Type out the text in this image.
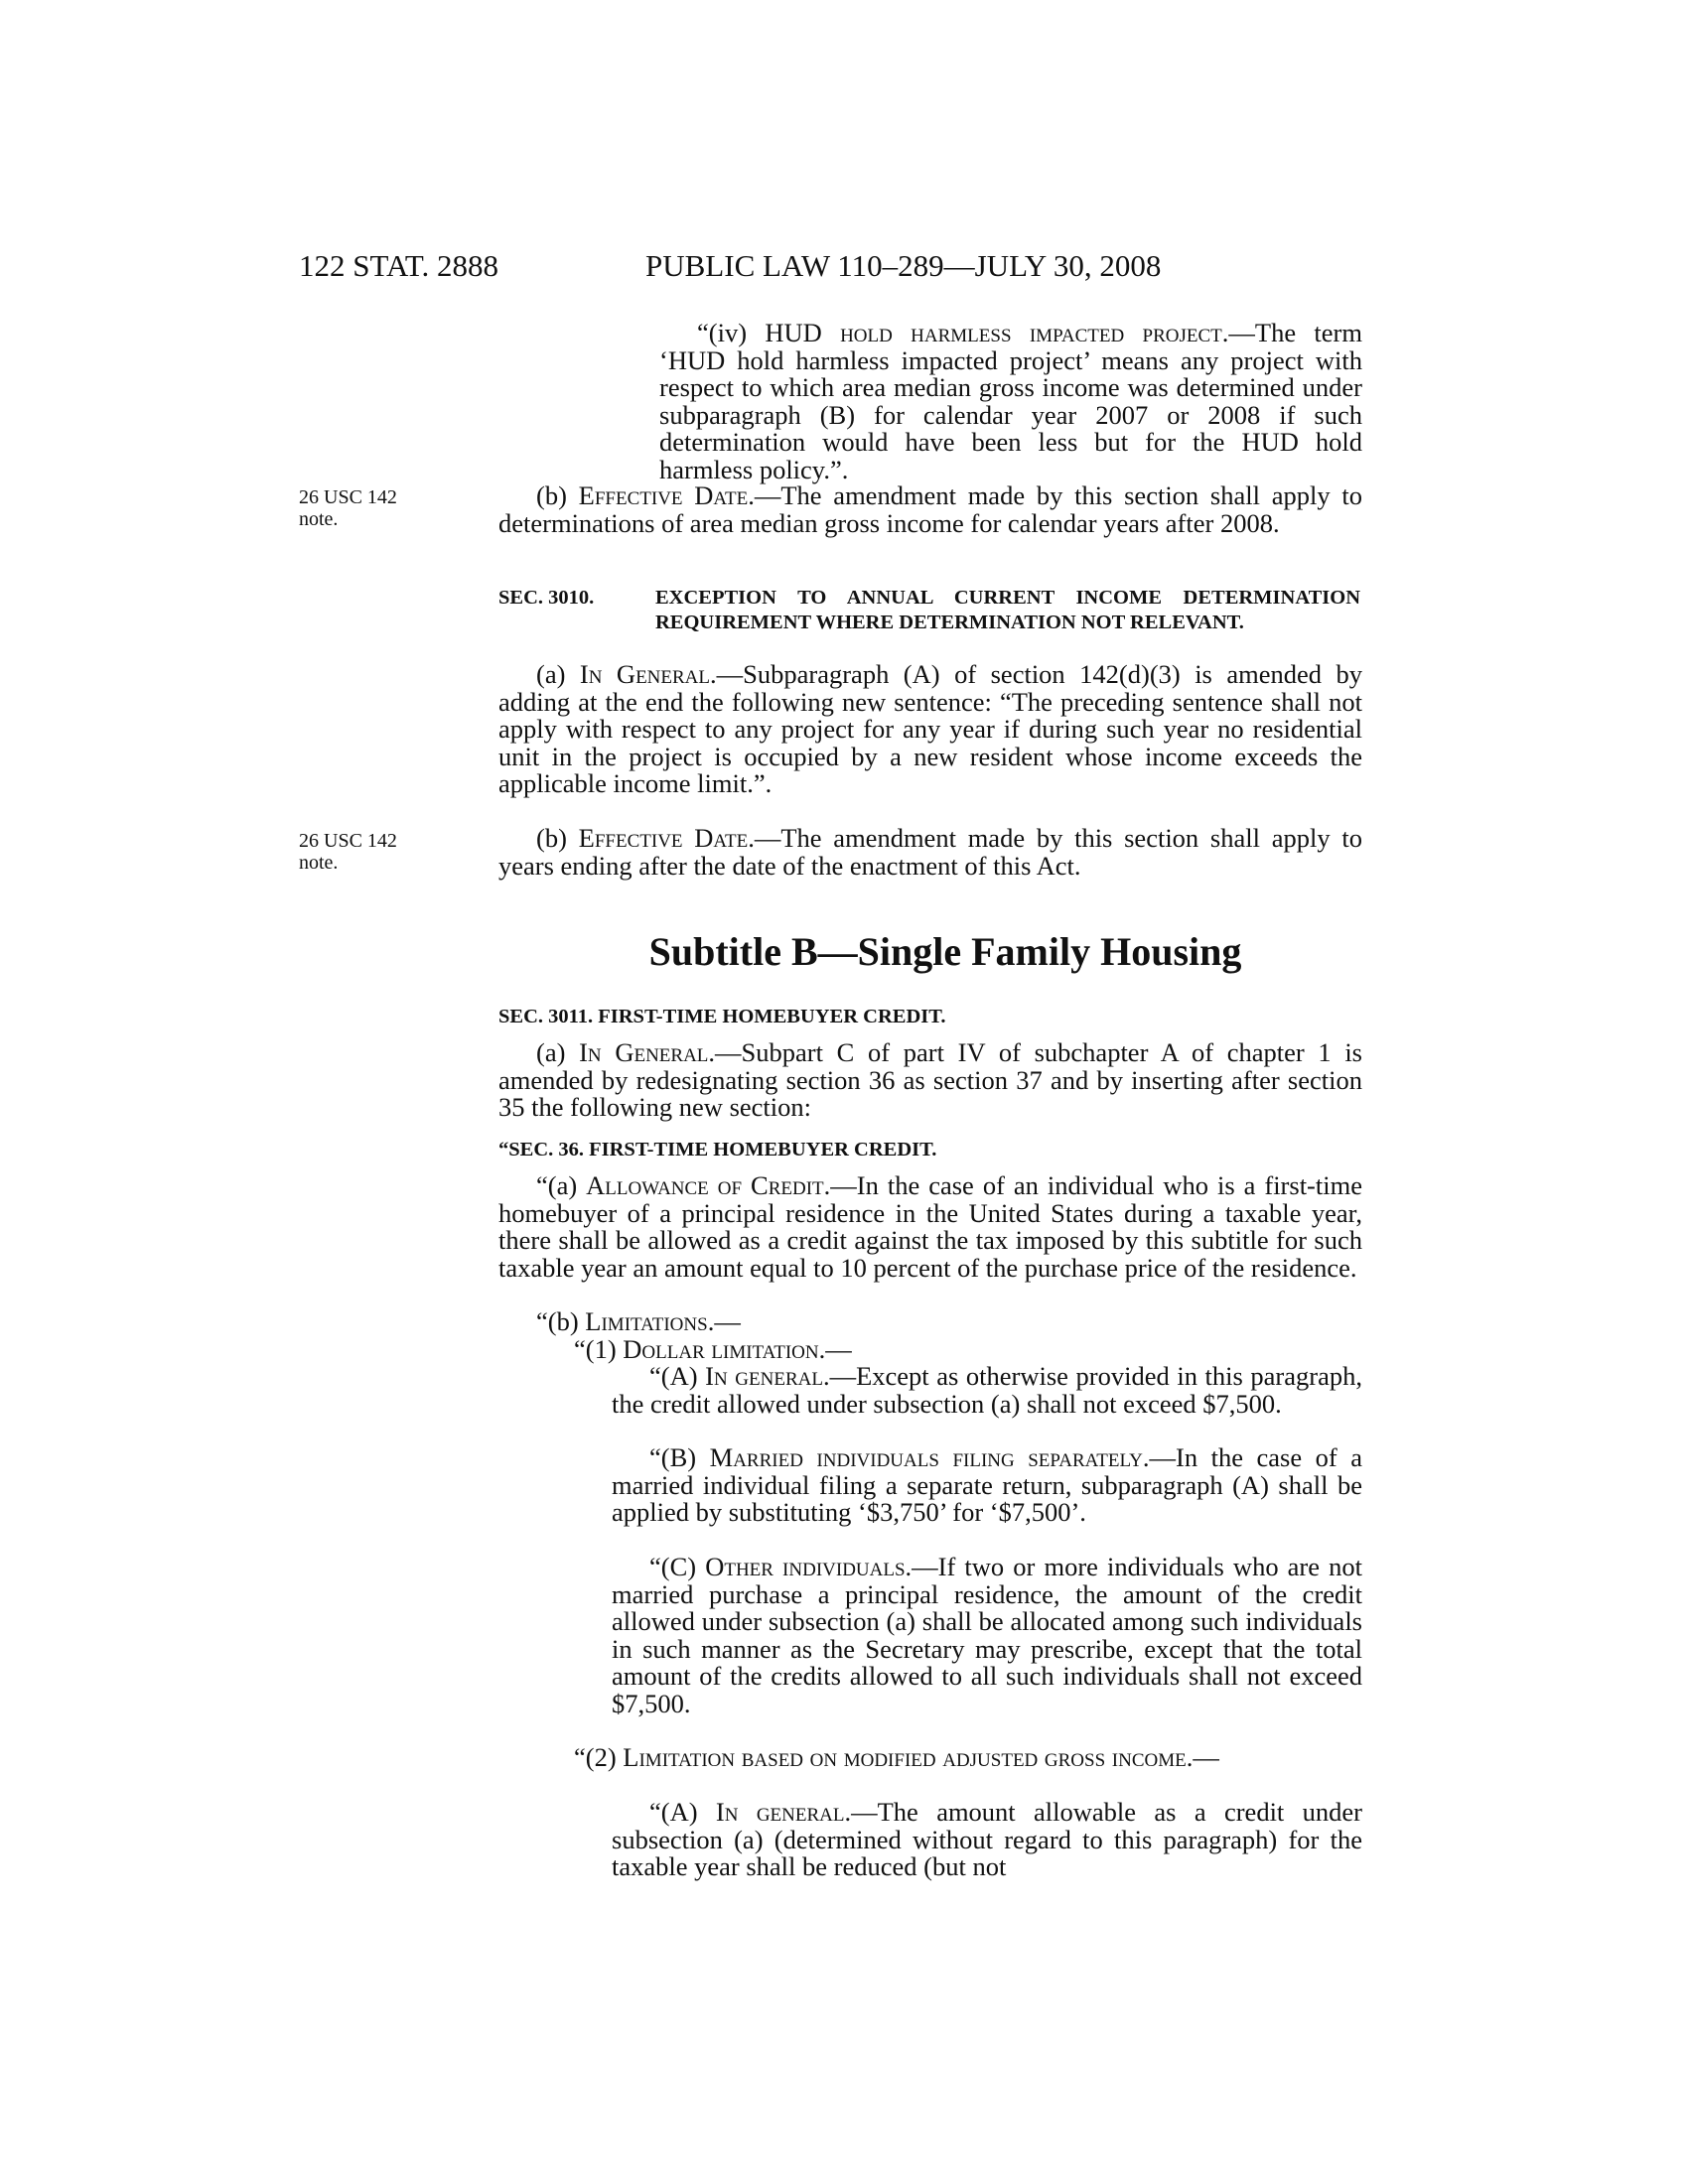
122 STAT. 2888	PUBLIC LAW 110–289—JULY 30, 2008
“(iv) HUD hold harmless impacted project.—The term ‘HUD hold harmless impacted project’ means any project with respect to which area median gross income was determined under subparagraph (B) for calendar year 2007 or 2008 if such determination would have been less but for the HUD hold harmless policy.”.
26 USC 142
note.
(b) Effective Date.—The amendment made by this section shall apply to determinations of area median gross income for calendar years after 2008.
SEC. 3010.	EXCEPTION TO ANNUAL CURRENT INCOME DETERMINATION REQUIREMENT WHERE DETERMINATION NOT RELEVANT.
(a) In General.—Subparagraph (A) of section 142(d)(3) is amended by adding at the end the following new sentence: “The preceding sentence shall not apply with respect to any project for any year if during such year no residential unit in the project is occupied by a new resident whose income exceeds the applicable income limit.”.
26 USC 142
note.
(b) Effective Date.—The amendment made by this section shall apply to years ending after the date of the enactment of this Act.
Subtitle B—Single Family Housing
SEC. 3011. FIRST-TIME HOMEBUYER CREDIT.
(a) In General.—Subpart C of part IV of subchapter A of chapter 1 is amended by redesignating section 36 as section 37 and by inserting after section 35 the following new section:
“SEC. 36. FIRST-TIME HOMEBUYER CREDIT.
“(a) Allowance of Credit.—In the case of an individual who is a first-time homebuyer of a principal residence in the United States during a taxable year, there shall be allowed as a credit against the tax imposed by this subtitle for such taxable year an amount equal to 10 percent of the purchase price of the residence.
“(b) Limitations.—
“(1) Dollar limitation.—
“(A) In general.—Except as otherwise provided in this paragraph, the credit allowed under subsection (a) shall not exceed $7,500.
“(B) Married individuals filing separately.—In the case of a married individual filing a separate return, subparagraph (A) shall be applied by substituting ‘$3,750’ for ‘$7,500’.
“(C) Other individuals.—If two or more individuals who are not married purchase a principal residence, the amount of the credit allowed under subsection (a) shall be allocated among such individuals in such manner as the Secretary may prescribe, except that the total amount of the credits allowed to all such individuals shall not exceed $7,500.
“(2) Limitation based on modified adjusted gross income.—
“(A) In general.—The amount allowable as a credit under subsection (a) (determined without regard to this paragraph) for the taxable year shall be reduced (but not
